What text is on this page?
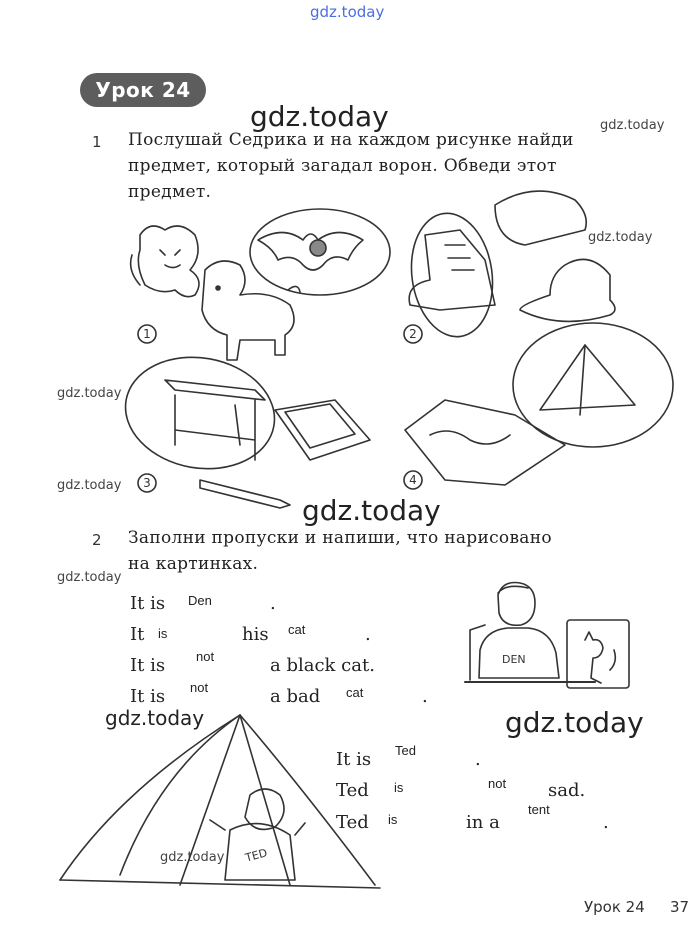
gdz.today
gdz.today	gdz.today
gdz.today
gdz.today
gdz.today
gdz.today
gdz.today
gdz.today	gdz.today
gdz.today
Урок 24
1 Послушай Седрика и на каждом рисунке найди
предмет, который загадал ворон. Обведи этот
предмет.
1	2
3	4
2 Заполни пропуски и напиши, что нарисовано
на картинках.
It is Den	.
It is	his cat	.
It is not	a black cat.
It is not	a bad cat	.
It is Ted	.
Ted is	not sad.
Ted is	in a
tent
.
DEN
TED
Урок 24 37
